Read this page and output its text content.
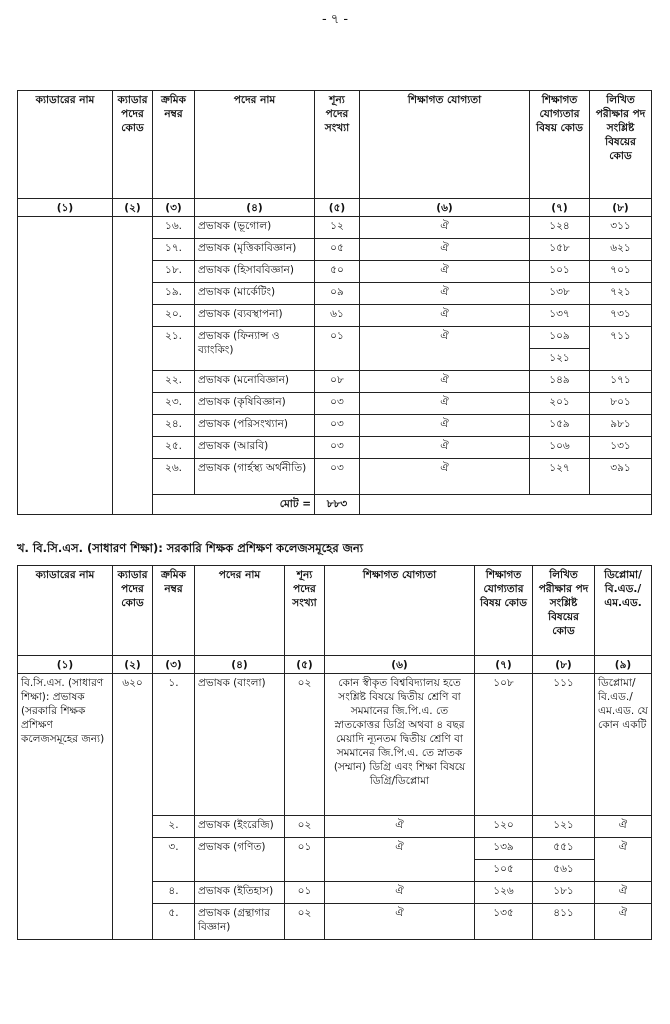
- ৭ -
ক্যাডারের নাম	ক্যাডার পদের কোড	ক্রমিক নম্বর	পদের নাম	শূন্য পদের সংখ্যা	শিক্ষাগত যোগ্যতা	শিক্ষাগত যোগ্যতার বিষয় কোড	লিখিত পরীক্ষার পদ সংশ্লিষ্ট বিষয়ের কোড
(১)	(২)	(৩)	(৪)	(৫)	(৬)	(৭)	(৮)
		১৬.	প্রভাষক (ভূগোল)	১২	ঐ	১২৪	৩১১
		১৭.	প্রভাষক (মৃত্তিকাবিজ্ঞান)	০৫	ঐ	১৫৮	৬২১
		১৮.	প্রভাষক (হিসাববিজ্ঞান)	৫০	ঐ	১০১	৭০১
		১৯.	প্রভাষক (মার্কেটিং)	০৯	ঐ	১৩৮	৭২১
		২০.	প্রভাষক (ব্যবস্থাপনা)	৬১	ঐ	১৩৭	৭৩১
		২১.	প্রভাষক (ফিন্যান্স ও ব্যাংকিং)	০১	ঐ	১০৯	৭১১
						১২১	
		২২.	প্রভাষক (মনোবিজ্ঞান)	০৮	ঐ	১৪৯	১৭১
		২৩.	প্রভাষক (কৃষিবিজ্ঞান)	০৩	ঐ	২০১	৮০১
		২৪.	প্রভাষক (পরিসংখ্যান)	০৩	ঐ	১৫৯	৯৮১
		২৫.	প্রভাষক (আরবি)	০৩	ঐ	১০৬	১৩১
		২৬.	প্রভাষক (গার্হস্থ্য অর্থনীতি)	০৩	ঐ	১২৭	৩৯১
		মোট =		৮৮৩			
খ. বি.সি.এস. (সাধারণ শিক্ষা): সরকারি শিক্ষক প্রশিক্ষণ কলেজসমূহের জন্য
ক্যাডারের নাম	ক্যাডার পদের কোড	ক্রমিক নম্বর	পদের নাম	শূন্য পদের সংখ্যা	শিক্ষাগত যোগ্যতা	শিক্ষাগত যোগ্যতার বিষয় কোড	লিখিত পরীক্ষার পদ সংশ্লিষ্ট বিষয়ের কোড	ডিপ্লোমা/ বি.এড./ এম.এড.
(১)	(২)	(৩)	(৪)	(৫)	(৬)	(৭)	(৮)	(৯)
বি.সি.এস. (সাধারণ শিক্ষা): প্রভাষক (সরকারি শিক্ষক প্রশিক্ষণ কলেজসমূহের জন্য)	৬২০	১.	প্রভাষক (বাংলা)	০২	কোন স্বীকৃত বিশ্ববিদ্যালয় হতে সংশ্লিষ্ট বিষয়ে দ্বিতীয় শ্রেণি বা সমমানের জি.পি.এ. তে স্নাতকোত্তর ডিগ্রি অথবা ৪ বছর মেয়াদি ন্যূনতম দ্বিতীয় শ্রেণি বা সমমানের জি.পি.এ. তে স্নাতক (সম্মান) ডিগ্রি এবং শিক্ষা বিষয়ে ডিগ্রি/ডিপ্লোমা	১০৮	১১১	ডিপ্লোমা/ বি.এড./ এম.এড. যে কোন একটি
		২.	প্রভাষক (ইংরেজি)	০২	ঐ	১২০	১২১	ঐ
		৩.	প্রভাষক (গণিত)	০১	ঐ	১৩৯	৫৫১	ঐ
						১০৫	৫৬১	
		৪.	প্রভাষক (ইতিহাস)	০১	ঐ	১২৬	১৮১	ঐ
		৫.	প্রভাষক (গ্রন্থাগার বিজ্ঞান)	০২	ঐ	১৩৫	৪১১	ঐ
